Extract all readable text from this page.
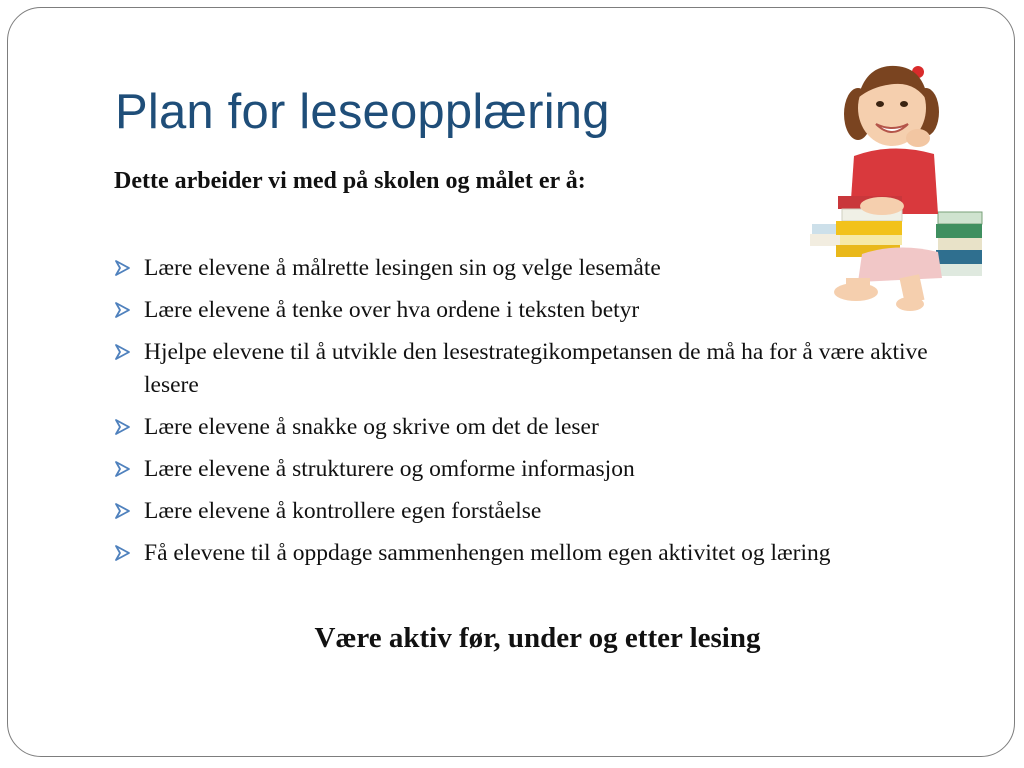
Plan for leseopplæring
Dette arbeider vi med på skolen og målet er å:
Lære elevene å målrette lesingen sin og velge lesemåte
Lære elevene å tenke over hva ordene i teksten betyr
Hjelpe elevene til å utvikle den lesestrategikompetansen de må ha for å være aktive lesere
Lære elevene å snakke og skrive om det de leser
Lære elevene å strukturere og omforme informasjon
Lære elevene å kontrollere egen forståelse
Få elevene til å oppdage sammenhengen mellom egen aktivitet og læring
Være aktiv før, under og etter lesing
